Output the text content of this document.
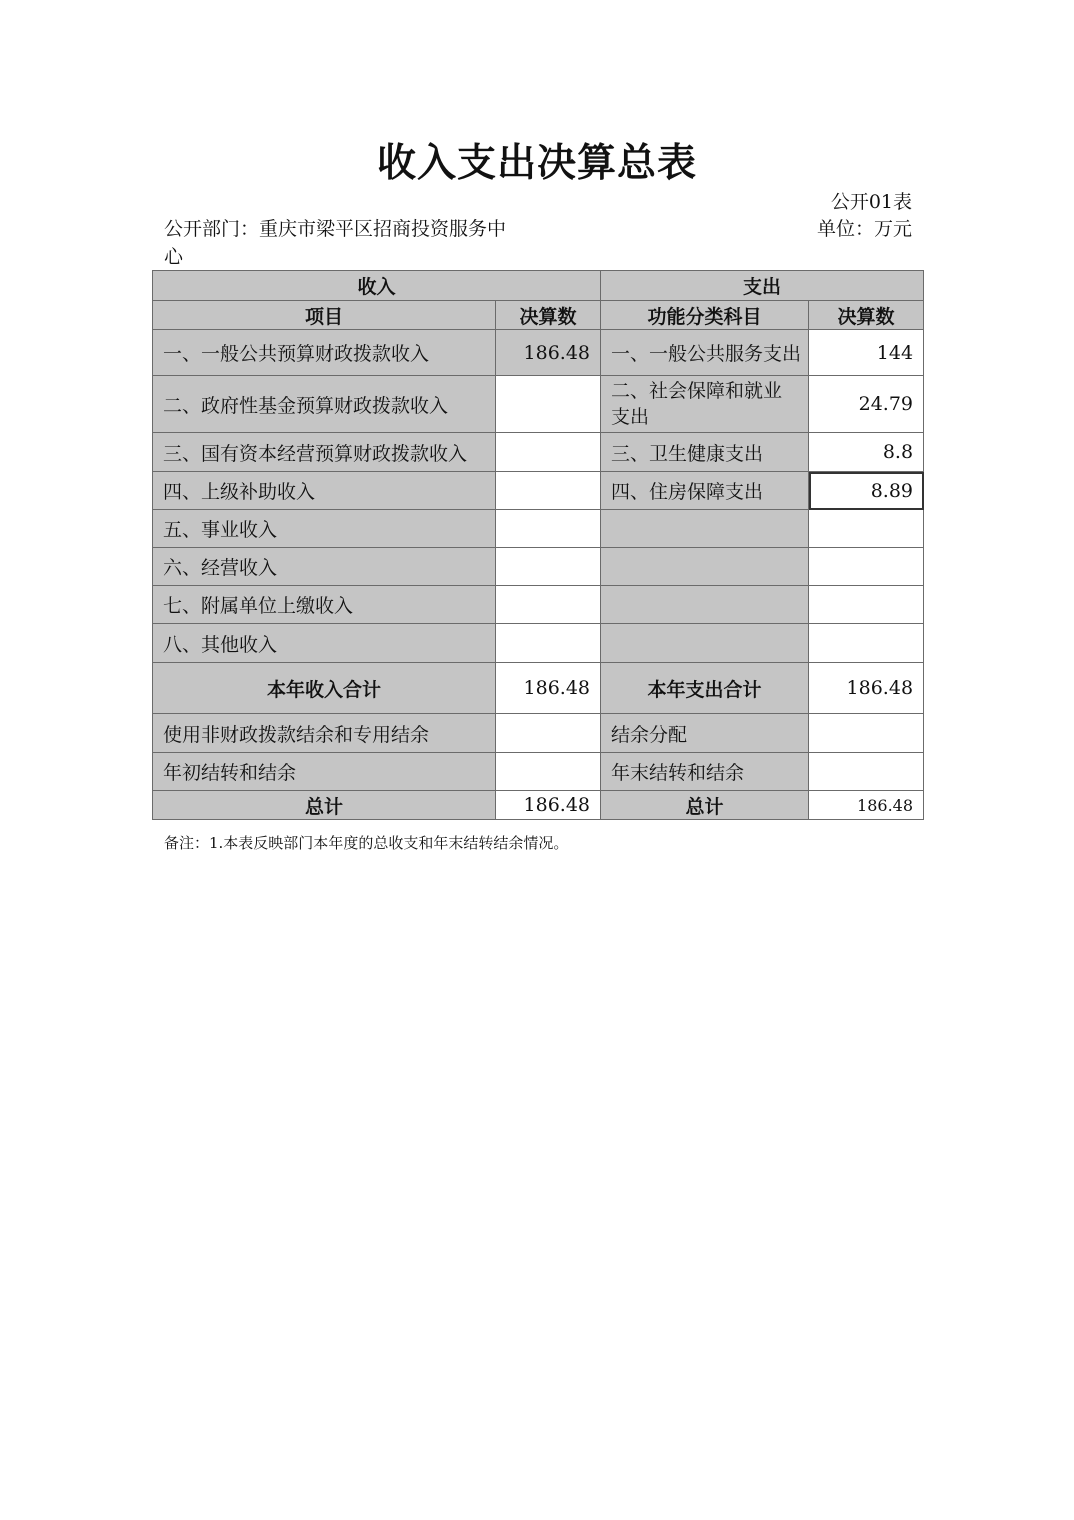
收入支出决算总表
公开01表
公开部门：重庆市梁平区招商投资服务中心
单位：万元
收入		支出	
项目	决算数	功能分类科目	决算数
一、一般公共预算财政拨款收入	186.48	一、一般公共服务支出	144
二、政府性基金预算财政拨款收入		二、社会保障和就业支出	24.79
三、国有资本经营预算财政拨款收入		三、卫生健康支出	8.8
四、上级补助收入		四、住房保障支出	8.89
五、事业收入			
六、经营收入			
七、附属单位上缴收入			
八、其他收入			
本年收入合计	186.48	本年支出合计	186.48
使用非财政拨款结余和专用结余		结余分配	
年初结转和结余		年末结转和结余	
总计	186.48	总计	186.48
备注：1.本表反映部门本年度的总收支和年末结转结余情况。
